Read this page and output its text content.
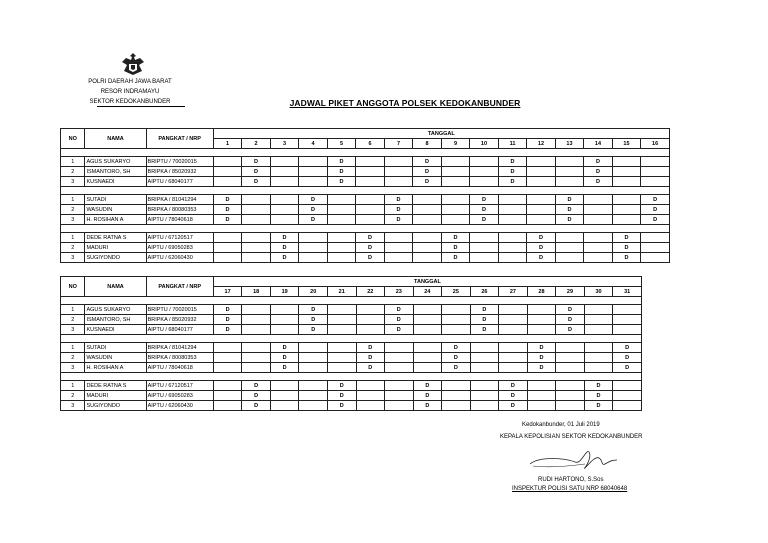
POLRI DAERAH JAWA BARAT
RESOR INDRAMAYU
SEKTOR KEDOKANBUNDER	JADWAL PIKET ANGGOTA POLSEK KEDOKANBUNDER
NO	NAMA	PANGKAT / NRP	TANGGAL															
			1	2	3	4	5	6	7	8	9	10	11	12	13	14	15	16

1	AGUS SUKARYO	BRIPTU / 70020015		D			D			D			D			D		
2	ISMANTORO, SH	BRIPKA / 85020932		D			D			D			D			D		
3	KUSNAEDI	AIPTU / 68040177		D			D			D			D			D		

1	SUTADI	BRIPKA / 81041294	D			D			D			D			D			D
2	WASUDIN	BRIPKA / 80080353	D			D			D			D			D			D
3	H. ROSIHAN A	AIPTU / 78040618	D			D			D			D			D			D

1	DEDE RATNA S	AIPTU / 67120517			D			D			D			D			D	
2	MADURI	AIPTU / 69050283			D			D			D			D			D	
3	SUGIYONDO	AIPTU / 62060430			D			D			D			D			D	
NO	NAMA	PANGKAT / NRP	TANGGAL														
			17	18	19	20	21	22	23	24	25	26	27	28	29	30	31

1	AGUS SUKARYO	BRIPTU / 70020015	D			D			D			D			D		
2	ISMANTORO, SH	BRIPKA / 85020932	D			D			D			D			D		
3	KUSNAEDI	AIPTU / 68040177	D			D			D			D			D		

1	SUTADI	BRIPKA / 81041294			D			D			D			D			D
2	WASUDIN	BRIPKA / 80080353			D			D			D			D			D
3	H. ROSIHAN A	AIPTU / 78040618			D			D			D			D			D

1	DEDE RATNA S	AIPTU / 67120517		D			D			D			D			D	
2	MADURI	AIPTU / 69050283		D			D			D			D			D	
3	SUGIYONDO	AIPTU / 62060430		D			D			D			D			D	
Kedokanbunder, 01 Juli 2019
KEPALA KEPOLISIAN SEKTOR KEDOKANBUNDER
RUDI HARTONO, S.Sos
INSPEKTUR POLISI SATU NRP 68040648
